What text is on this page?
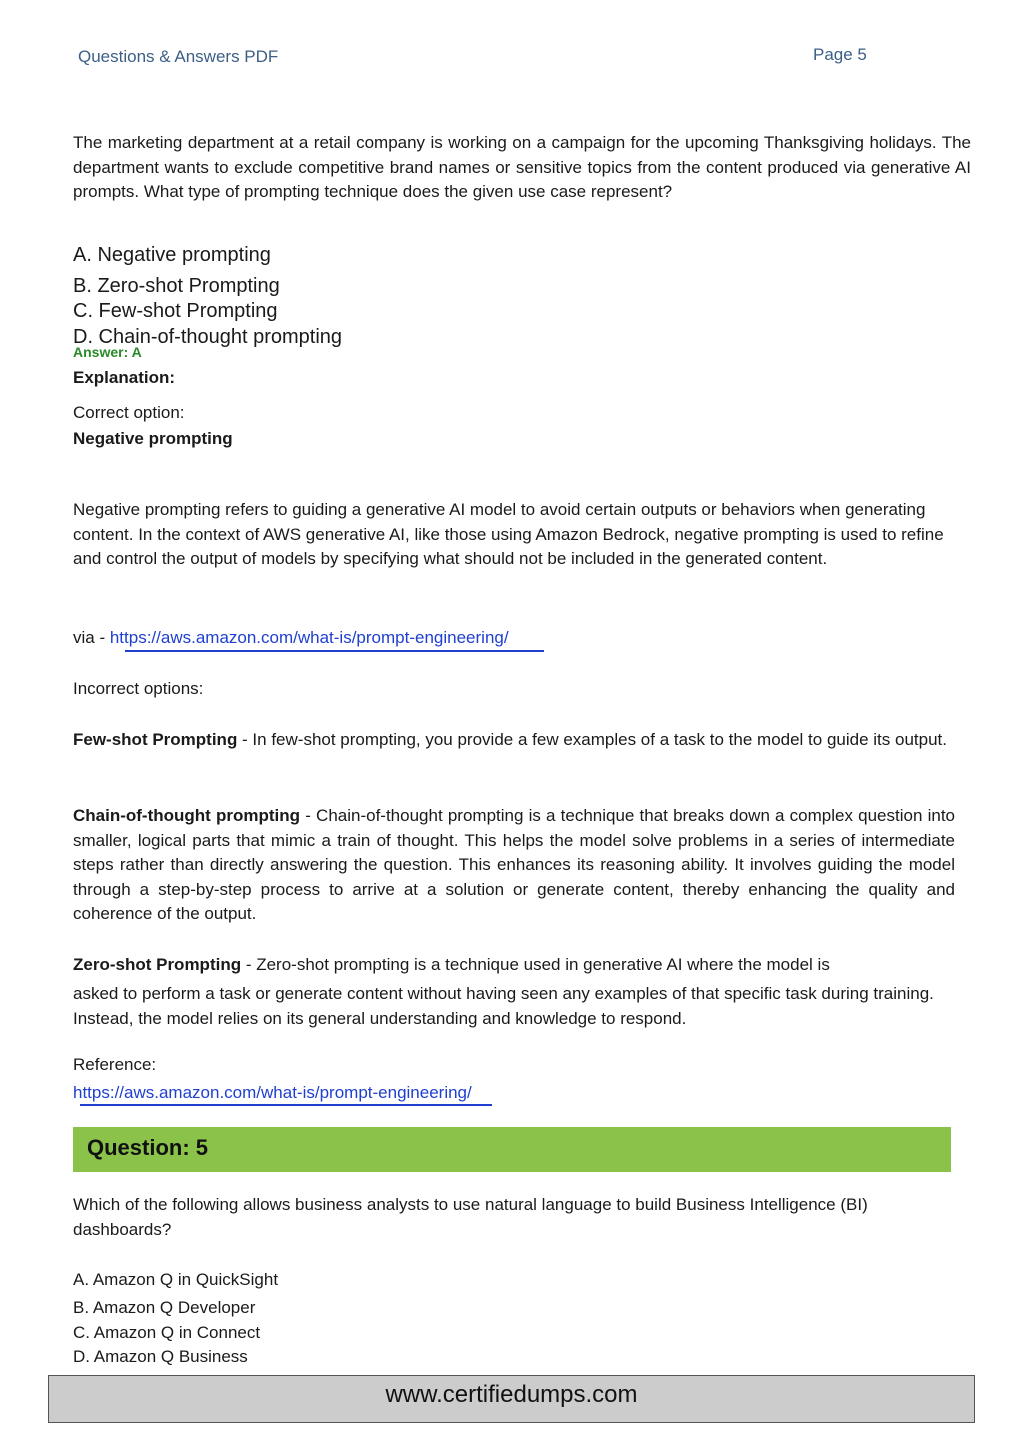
Questions & Answers PDF	Page 5
The marketing department at a retail company is working on a campaign for the upcoming Thanksgiving holidays. The department wants to exclude competitive brand names or sensitive topics from the content produced via generative AI prompts. What type of prompting technique does the given use case represent?
A. Negative prompting
B. Zero-shot Prompting
C. Few-shot Prompting
D. Chain-of-thought prompting
Answer: A
Explanation:
Correct option:
Negative prompting
Negative prompting refers to guiding a generative AI model to avoid certain outputs or behaviors when generating content. In the context of AWS generative AI, like those using Amazon Bedrock, negative prompting is used to refine and control the output of models by specifying what should not be included in the generated content.
via - https://aws.amazon.com/what-is/prompt-engineering/
Incorrect options:
Few-shot Prompting - In few-shot prompting, you provide a few examples of a task to the model to guide its output.
Chain-of-thought prompting - Chain-of-thought prompting is a technique that breaks down a complex question into smaller, logical parts that mimic a train of thought. This helps the model solve problems in a series of intermediate steps rather than directly answering the question. This enhances its reasoning ability. It involves guiding the model through a step-by-step process to arrive at a solution or generate content, thereby enhancing the quality and coherence of the output.
Zero-shot Prompting - Zero-shot prompting is a technique used in generative AI where the model is
asked to perform a task or generate content without having seen any examples of that specific task during training. Instead, the model relies on its general understanding and knowledge to respond.
Reference:
https://aws.amazon.com/what-is/prompt-engineering/
Question: 5
Which of the following allows business analysts to use natural language to build Business Intelligence (BI) dashboards?
A. Amazon Q in QuickSight
B. Amazon Q Developer
C. Amazon Q in Connect
D. Amazon Q Business
www.certifiedumps.com
